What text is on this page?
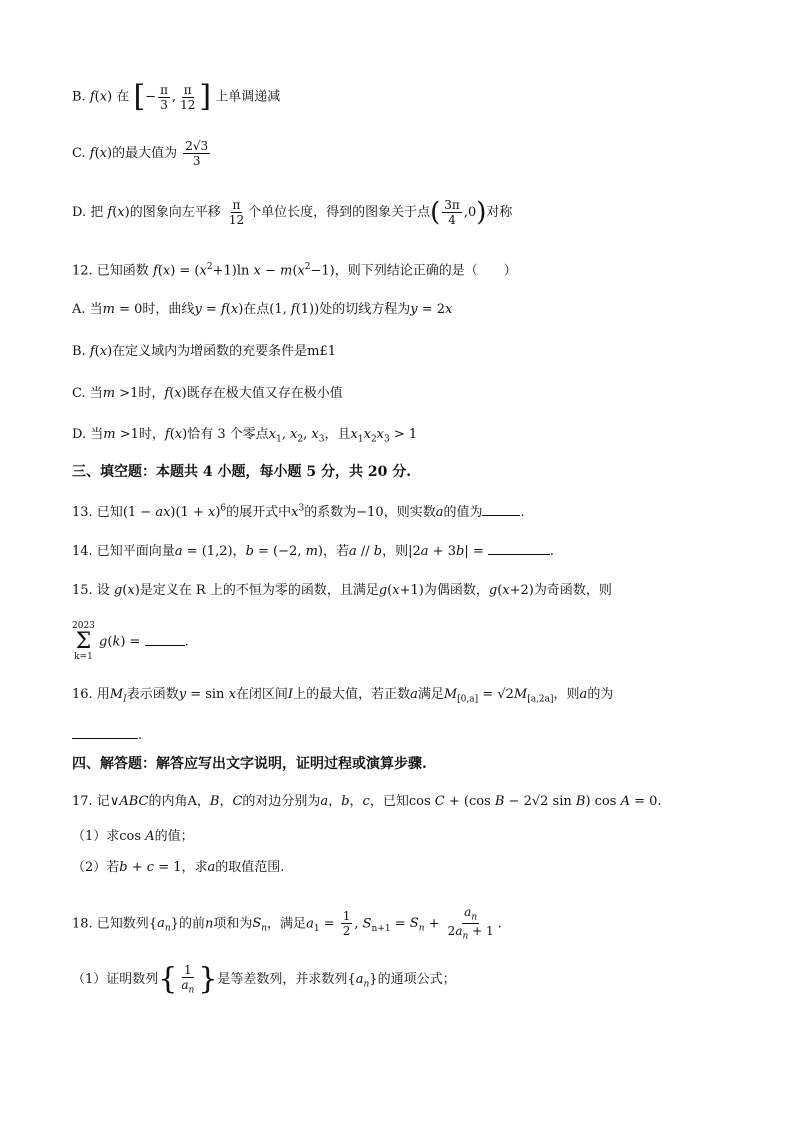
B. f(x) 在 [− $\frac{\pi}{3}$ , $\frac{\pi}{12}$ ] 上单调递减
C. f(x)的最大值为 $\frac{2√3}{3}$
D. 把 f(x)的图象向左平移 $\frac{\pi}{12}$ 个单位长度，得到的图象关于点( $\frac{3\pi}{4} ,0$)对称
12. 已知函数 $f(x) = (x^2+1)\ln$ $x - m(x^2-1)$，则下列结论正确的是（　　）
A. 当m = 0时，曲线y = f(x)在点(1, f(1))处的切线方程为y = 2x
B. f(x)在定义域内为增函数的充要条件是m£1
C. 当m >1时，f(x)既存在极大值又存在极小值
D. 当m >1时，f(x)恰有 3 个零点$x_1$, $x_2$, $x_3$，且$x_1x_2x_3 > 1$
三、填空题：本题共 4 小题，每小题 5 分，共 20 分.
13. 已知$(1 - ax)(1 + x)^6$的展开式中$x^3$的系数为−10，则实数a的值为	.
14. 已知平面向量a = (1,2)，b = (−2, m)，若a // b，则|2a + 3b| =	.
15. 设 g(x)是定义在 R 上的不恒为零的函数，且满足g(x+1)为偶函数，g(x+2)为奇函数，则
2023
Σ
k=1
g(k) =	.
16. 用$M_I$表示函数y = sin x在闭区间I上的最大值，若正数a满足$M_{[0,a]} = √2M_{[a,2a]}$，则a的为
.
四、解答题：解答应写出文字说明，证明过程或演算步骤.
17. 记∨ABC的内角A，B，C的对边分别为a，b，c，已知cos C + (cos B − 2√2 sin B) cos A = 0.
（1）求cos A的值；
（2）若b + c = 1，求a的取值范围.
18. 已知数列$\{a_n\}$的前n项和为$S_n$，满足$a_1 = \frac{1}{2}$ , $S_{n+1} = S_n + \frac{a_n}{2a_n + 1}$ .
（1）证明数列{ $\frac{1}{a_n}$ }是等差数列，并求数列$\{a_n\}$的通项公式；
